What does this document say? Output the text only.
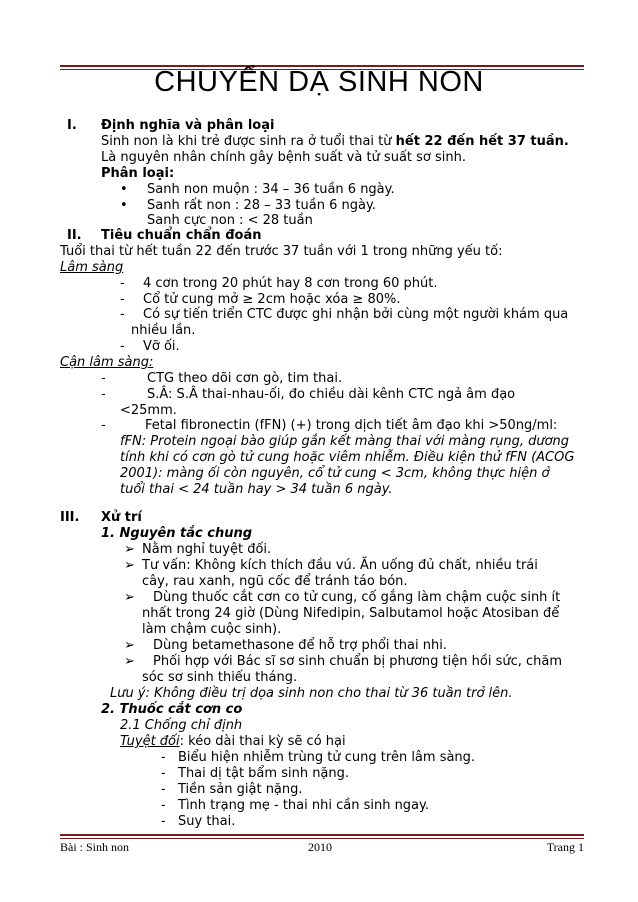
CHUYỂN DẠ SINH NON
I. Định nghĩa và phân loại
Sinh non là khi trẻ được sinh ra ở tuổi thai từ hết 22 đến hết 37 tuần.
Là nguyên nhân chính gây bệnh suất và tử suất sơ sinh.
Phân loại:
• Sanh non muộn : 34 – 36 tuần 6 ngày.
• Sanh rất non : 28 – 33 tuần 6 ngày.
Sanh cực non : < 28 tuần
II. Tiêu chuẩn chẩn đoán
Tuổi thai từ hết tuần 22 đến trước 37 tuần với 1 trong những yếu tố:
Lâm sàng
- 4 cơn trong 20 phút hay 8 cơn trong 60 phút.
- Cổ tử cung mở ≥ 2cm hoặc xóa ≥ 80%.
- Có sự tiến triển CTC được ghi nhận bởi cùng một người khám qua
nhiều lần.
- Vỡ ối.
Cận lâm sàng:
-	CTG theo dõi cơn gò, tim thai.
-	S.Â: S.Â thai-nhau-ối, đo chiều dài kênh CTC ngả âm đạo
<25mm.
-	Fetal fibronectin (fFN) (+) trong dịch tiết âm đạo khi >50ng/ml:
fFN: Protein ngoại bào giúp gắn kết màng thai với màng rụng, dương
tính khi có cơn gò tử cung hoặc viêm nhiễm. Điều kiện thử fFN (ACOG
2001): màng ối còn nguyên, cổ tử cung < 3cm, không thực hiện ở
tuổi thai < 24 tuần hay > 34 tuần 6 ngày.
III. Xử trí
1. Nguyên tắc chung
➢ Nằm nghỉ tuyệt đối.
➢ Tư vấn: Không kích thích đầu vú. Ăn uống đủ chất, nhiều trái
cây, rau xanh, ngũ cốc để tránh táo bón.
➢ Dùng thuốc cắt cơn co tử cung, cố gắng làm chậm cuộc sinh ít
nhất trong 24 giờ (Dùng Nifedipin, Salbutamol hoặc Atosiban để
làm chậm cuộc sinh).
➢ Dùng betamethasone để hỗ trợ phổi thai nhi.
➢ Phối hợp với Bác sĩ sơ sinh chuẩn bị phương tiện hồi sức, chăm
sóc sơ sinh thiếu tháng.
Lưu ý: Không điều trị dọa sinh non cho thai từ 36 tuần trở lên.
2. Thuốc cắt cơn co
2.1 Chống chỉ định
Tuyệt đối: kéo dài thai kỳ sẽ có hại
- Biểu hiện nhiễm trùng tử cung trên lâm sàng.
- Thai dị tật bẩm sinh nặng.
- Tiền sản giật nặng.
- Tình trạng mẹ - thai nhi cần sinh ngay.
- Suy thai.
Bài : Sinh non	2010	Trang 1
